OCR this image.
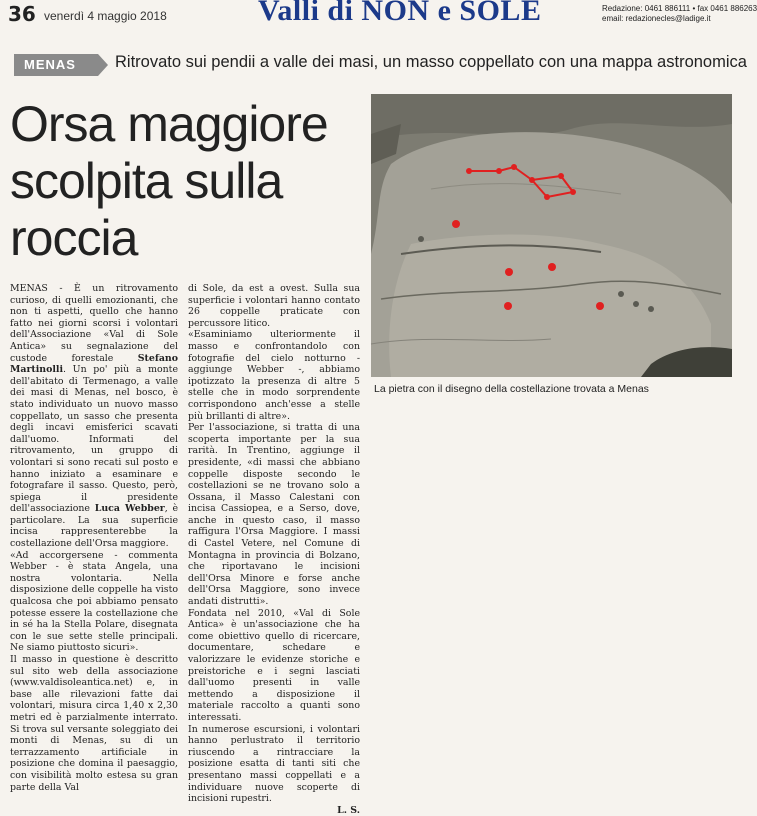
36 venerdì 4 maggio 2018	Valli di NON e SOLE	Redazione: 0461 886111 • fax 0461 886263
email: redazionecles@ladige.it
MENAS	Ritrovato sui pendii a valle dei masi, un masso coppellato con una mappa astronomica
Orsa maggiore scolpita sulla roccia
La pietra con il disegno della costellazione trovata a Menas

MENAS - È un ritrovamento curioso, di quelli emozionanti, che non ti aspetti, quello che hanno fatto nei giorni scorsi i volontari dell'Associazione «Val di Sole Antica» su segnalazione del custode forestale Stefano Martinolli. Un po' più a monte dell'abitato di Termenago, a valle dei masi di Menas, nel bosco, è stato individuato un nuovo masso coppellato, un sasso che presenta degli incavi emisferici scavati dall'uomo. Informati del ritrovamento, un gruppo di volontari si sono recati sul posto e hanno iniziato a esaminare e fotografare il sasso. Questo, però, spiega il presidente dell'associazione Luca Webber, è particolare. La sua superficie incisa rappresenterebbe la costellazione dell'Orsa maggiore.

«Ad accorgersene - commenta Webber - è stata Angela, una nostra volontaria. Nella disposizione delle coppelle ha visto qualcosa che poi abbiamo pensato potesse essere la costellazione che in sé ha la Stella Polare, disegnata con le sue sette stelle principali. Ne siamo piuttosto sicuri».

Il masso in questione è descritto sul sito web della associazione (www.valdisoleantica.net) e, in base alle rilevazioni fatte dai volontari, misura circa 1,40 x 2,30 metri ed è parzialmente interrato. Si trova sul versante soleggiato dei monti di Menas, su di un terrazzamento artificiale in posizione che domina il paesaggio, con visibilità molto estesa su gran parte della Val

di Sole, da est a ovest. Sulla sua superficie i volontari hanno contato 26 coppelle praticate con percussore litico.

«Esaminiamo ulteriormente il masso e confrontandolo con fotografie del cielo notturno - aggiunge Webber -, abbiamo ipotizzato la presenza di altre 5 stelle che in modo sorprendente corrispondono anch'esse a stelle più brillanti di altre».

Per l'associazione, si tratta di una scoperta importante per la sua rarità. In Trentino, aggiunge il presidente, «di massi che abbiano coppelle disposte secondo le costellazioni se ne trovano solo a Ossana, il Masso Calestani con incisa Cassiopea, e a Serso, dove, anche in questo caso, il masso raffigura l'Orsa Maggiore. I massi di Castel Vetere, nel Comune di Montagna in provincia di Bolzano, che riportavano le incisioni dell'Orsa Minore e forse anche dell'Orsa Maggiore, sono invece andati distrutti».

Fondata nel 2010, «Val di Sole Antica» è un'associazione che ha come obiettivo quello di ricercare, documentare, schedare e valorizzare le evidenze storiche e preistoriche e i segni lasciati dall'uomo presenti in valle mettendo a disposizione il materiale raccolto a quanti sono interessati.

In numerose escursioni, i volontari hanno perlustrato il territorio riuscendo a rintracciare la posizione esatta di tanti siti che presentano massi coppellati e a individuare nuove scoperte di incisioni rupestri.

L. S.
